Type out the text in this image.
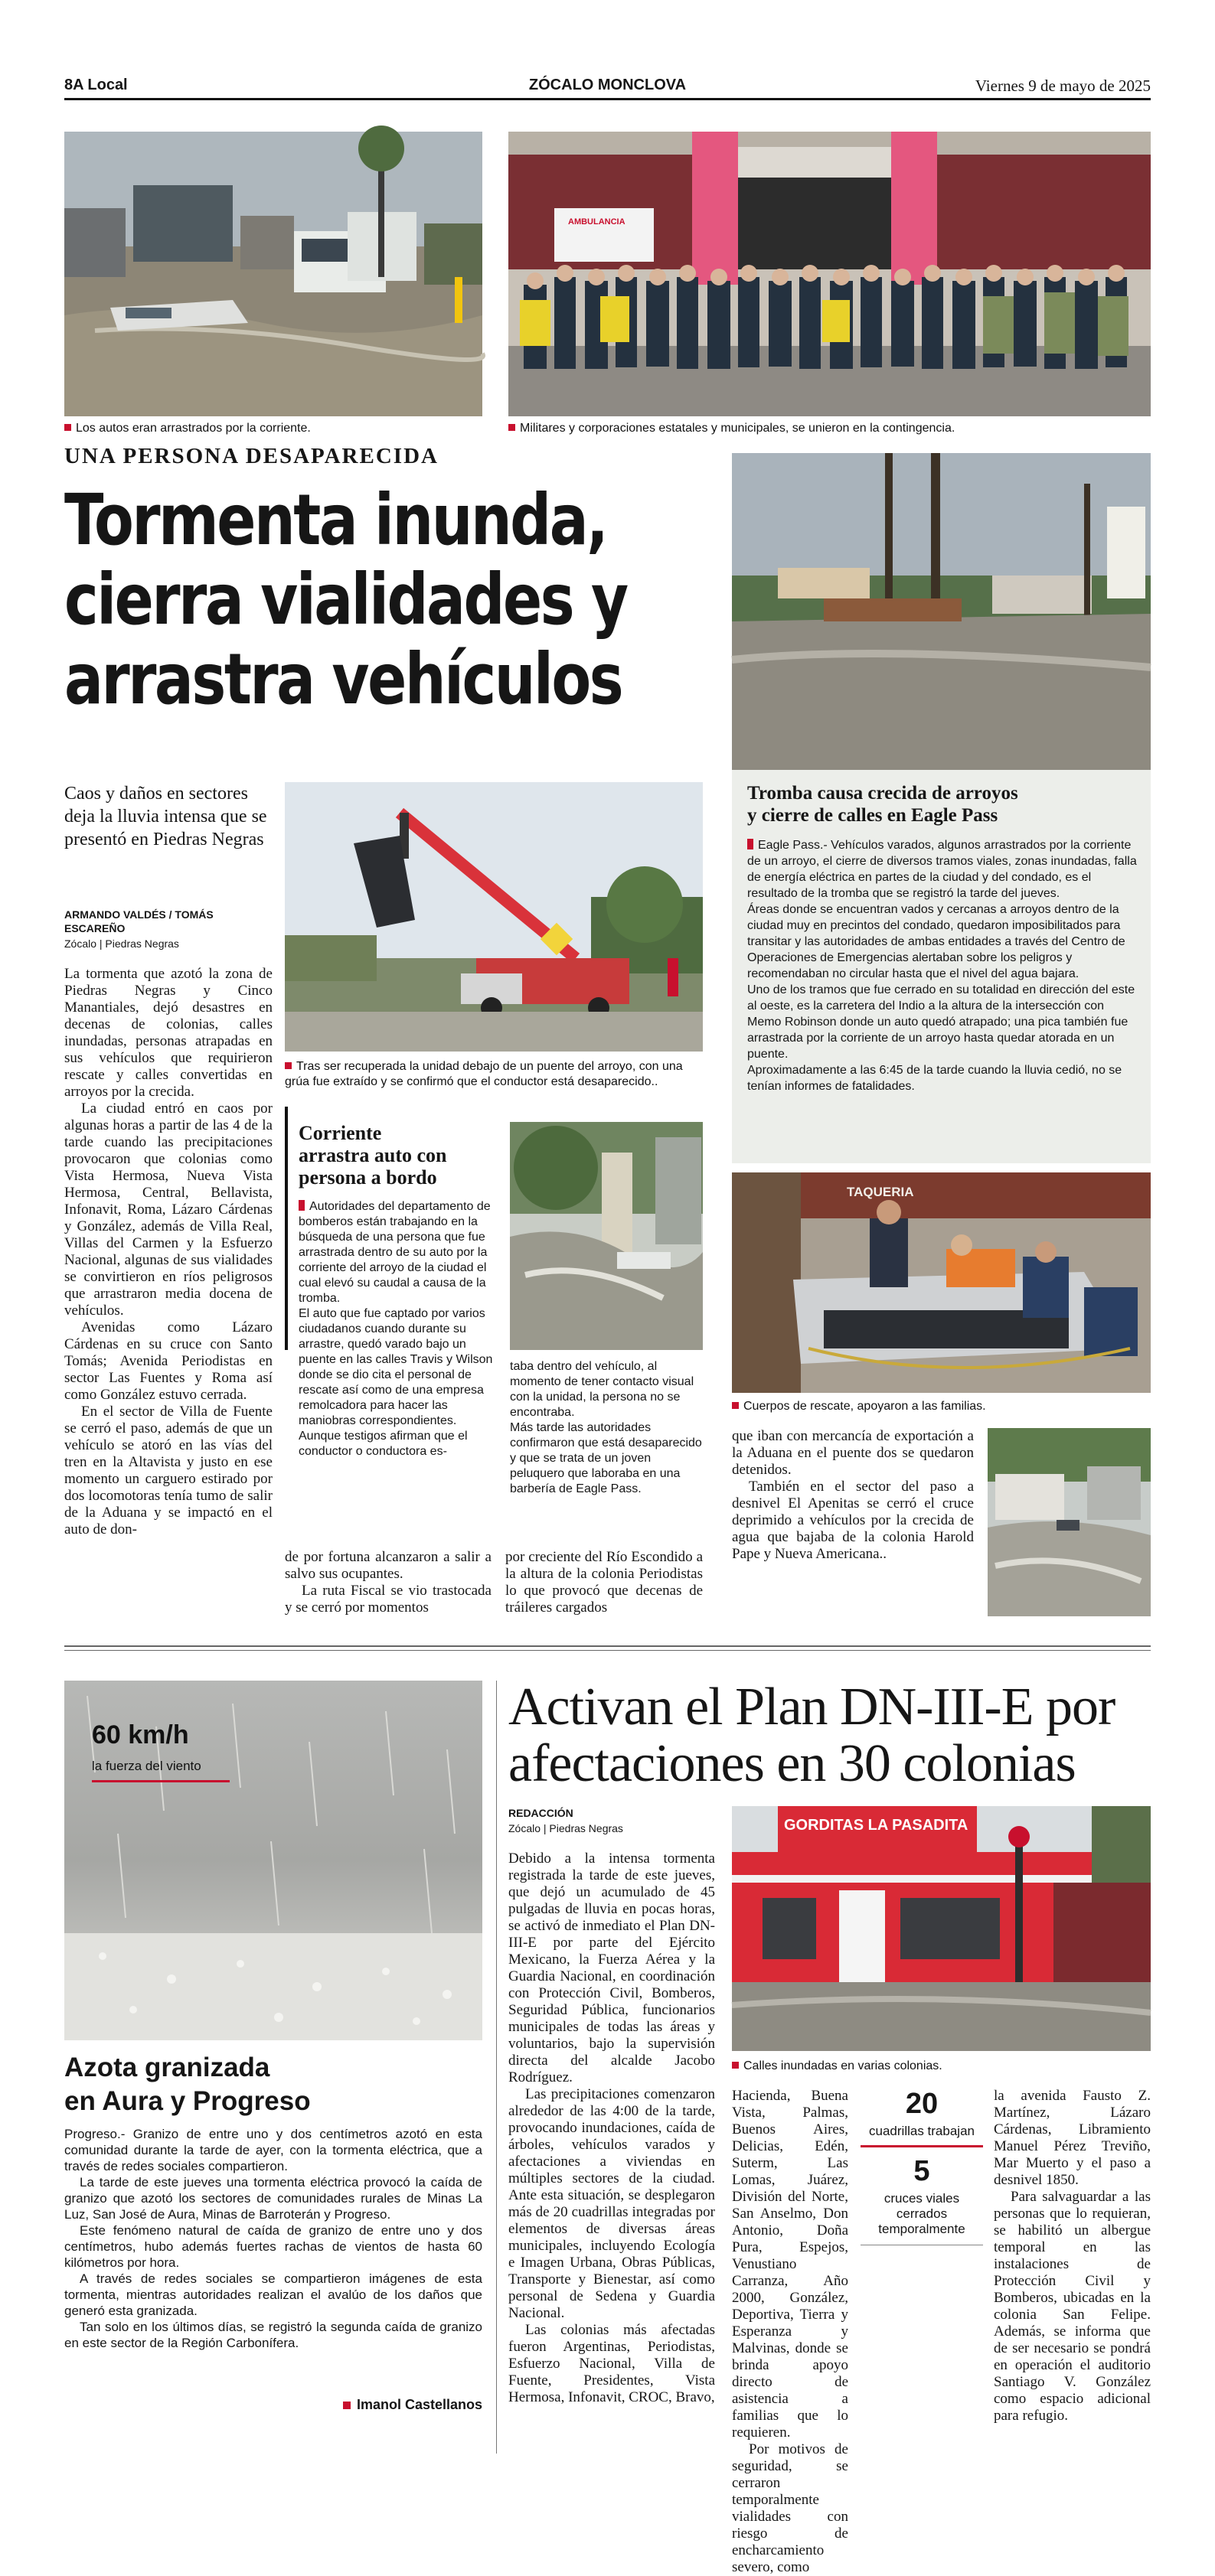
8A Local	ZÓCALO MONCLOVA	Viernes 9 de mayo de 2025
Los autos eran arrastrados por la corriente.
AMBULANCIA
Militares y corporaciones estatales y municipales, se unieron en la contingencia.
UNA PERSONA DESAPARECIDA
Tormenta inunda,
cierra vialidades y
arrastra vehículos
Caos y daños en sectores deja la lluvia intensa que se presentó en Piedras Negras
ARMANDO VALDÉS / TOMÁS ESCAREÑO
Zócalo | Piedras Negras

La tormenta que azotó la zona de Piedras Negras y Cinco Manantiales, dejó desastres en decenas de colonias, calles inundadas, personas atrapadas en sus vehículos que requirieron rescate y calles convertidas en arroyos por la crecida.

La ciudad entró en caos por algunas horas a partir de las 4 de la tarde cuando las precipitaciones provocaron que colonias como Vista Hermosa, Nueva Vista Hermosa, Central, Bellavista, Infonavit, Roma, Lázaro Cárdenas y González, además de Villa Real, Villas del Carmen y la Esfuerzo Nacional, algunas de sus vialidades se convirtieron en ríos peligrosos que arrastraron media docena de vehículos.

Avenidas como Lázaro Cárdenas en su cruce con Santo Tomás; Avenida Periodistas en sector Las Fuentes y Roma así como González estuvo cerrada.

En el sector de Villa de Fuente se cerró el paso, además de que un vehículo se atoró en las vías del tren en la Altavista y justo en ese momento un carguero estirado por dos locomotoras tenía tumo de salir de la Aduana y se impactó en el auto de don-

Tras ser recuperada la unidad debajo de un puente del arroyo, con una grúa fue extraído y se confirmó que el conductor está desaparecido..
Corriente
arrastra auto con
persona a bordo
Autoridades del departamento de bomberos están trabajando en la búsqueda de una persona que fue arrastrada dentro de su auto por la corriente del arroyo de la ciudad el cual elevó su caudal a causa de la tromba.
El auto que fue captado por varios ciudadanos cuando durante su arrastre, quedó varado bajo un puente en las calles Travis y Wilson donde se dio cita el personal de rescate así como de una empresa remolcadora para hacer las maniobras correspondientes.
Aunque testigos afirman que el conductor o conductora es-
taba dentro del vehículo, al momento de tener contacto visual con la unidad, la persona no se encontraba.
Más tarde las autoridades confirmaron que está desaparecido y que se trata de un joven peluquero que laboraba en una barbería de Eagle Pass.

de por fortuna alcanzaron a salir a salvo sus ocupantes.

La ruta Fiscal se vio trastocada y se cerró por momentos

por creciente del Río Escondido a la altura de la colonia Periodistas lo que provocó que decenas de tráileres cargados

Tromba causa crecida de arroyos
y cierre de calles en Eagle Pass
Eagle Pass.- Vehículos varados, algunos arrastrados por la corriente de un arroyo, el cierre de diversos tramos viales, zonas inundadas, falla de energía eléctrica en partes de la ciudad y del condado, es el resultado de la tromba que se registró la tarde del jueves.
Áreas donde se encuentran vados y cercanas a arroyos dentro de la ciudad muy en precintos del condado, quedaron imposibilitados para transitar y las autoridades de ambas entidades a través del Centro de Operaciones de Emergencias alertaban sobre los peligros y recomendaban no circular hasta que el nivel del agua bajara.
Uno de los tramos que fue cerrado en su totalidad en dirección del este al oeste, es la carretera del Indio a la altura de la intersección con Memo Robinson donde un auto quedó atrapado; una pica también fue arrastrada por la corriente de un arroyo hasta quedar atorada en un puente.
Aproximadamente a las 6:45 de la tarde cuando la lluvia cedió, no se tenían informes de fatalidades.
TAQUERIA
Cuerpos de rescate, apoyaron a las familias.

que iban con mercancía de exportación a la Aduana en el puente dos se quedaron detenidos.

También en el sector del paso a desnivel El Apenitas se cerró el cruce deprimido a vehículos por la crecida de agua que bajaba de la colonia Harold Pape y Nueva Americana..

60 km/h
la fuerza del viento
Azota granizada
en Aura y Progreso

Progreso.- Granizo de entre uno y dos centímetros azotó en esta comunidad durante la tarde de ayer, con la tormenta eléctrica, que a través de redes sociales compartieron.

La tarde de este jueves una tormenta eléctrica provocó la caída de granizo que azotó los sectores de comunidades rurales de Minas La Luz, San José de Aura, Minas de Barroterán y Progreso.

Este fenómeno natural de caída de granizo de entre uno y dos centímetros, hubo además fuertes rachas de vientos de hasta 60 kilómetros por hora.

A través de redes sociales se compartieron imágenes de esta tormenta, mientras autoridades realizan el avalúo de los daños que generó esta granizada.

Tan solo en los últimos días, se registró la segunda caída de granizo en este sector de la Región Carbonífera.

Imanol Castellanos
Activan el Plan DN-III-E por
afectaciones en 30 colonias
REDACCIÓN
Zócalo | Piedras Negras

Debido a la intensa tormenta registrada la tarde de este jueves, que dejó un acumulado de 45 pulgadas de lluvia en pocas horas, se activó de inmediato el Plan DN-III-E por parte del Ejército Mexicano, la Fuerza Aérea y la Guardia Nacional, en coordinación con Protección Civil, Bomberos, Seguridad Pública, funcionarios municipales de todas las áreas y voluntarios, bajo la supervisión directa del alcalde Jacobo Rodríguez.

Las precipitaciones comenzaron alrededor de las 4:00 de la tarde, provocando inundaciones, caída de árboles, vehículos varados y afectaciones a viviendas en múltiples sectores de la ciudad. Ante esta situación, se desplegaron más de 20 cuadrillas integradas por elementos de diversas áreas municipales, incluyendo Ecología e Imagen Urbana, Obras Públicas, Transporte y Bienestar, así como personal de Sedena y Guardia Nacional.

Las colonias más afectadas fueron Argentinas, Periodistas, Esfuerzo Nacional, Villa de Fuente, Presidentes, Vista Hermosa, Infonavit, CROC, Bravo,

GORDITAS LA PASADITA
Calles inundadas en varias colonias.

Hacienda, Buena Vista, Palmas, Buenos Aires, Delicias, Edén, Suterm, Las Lomas, Juárez, División del Norte, San Anselmo, Don Antonio, Doña Pura, Espejos, Venustiano Carranza, Año 2000, González, Deportiva, Tierra y Esperanza y Malvinas, donde se brinda apoyo directo de asistencia a familias que lo requieren.

Por motivos de seguridad, se cerraron temporalmente vialidades con riesgo de encharcamiento severo, como

20
cuadrillas trabajan
5
cruces viales cerrados temporalmente

la avenida Fausto Z. Martínez, Lázaro Cárdenas, Libramiento Manuel Pérez Treviño, Mar Muerto y el paso a desnivel 1850.

Para salvaguardar a las personas que lo requieran, se habilitó un albergue temporal en las instalaciones de Protección Civil y Bomberos, ubicadas en la colonia San Felipe. Además, se informa que de ser necesario se pondrá en operación el auditorio Santiago V. González como espacio adicional para refugio.
